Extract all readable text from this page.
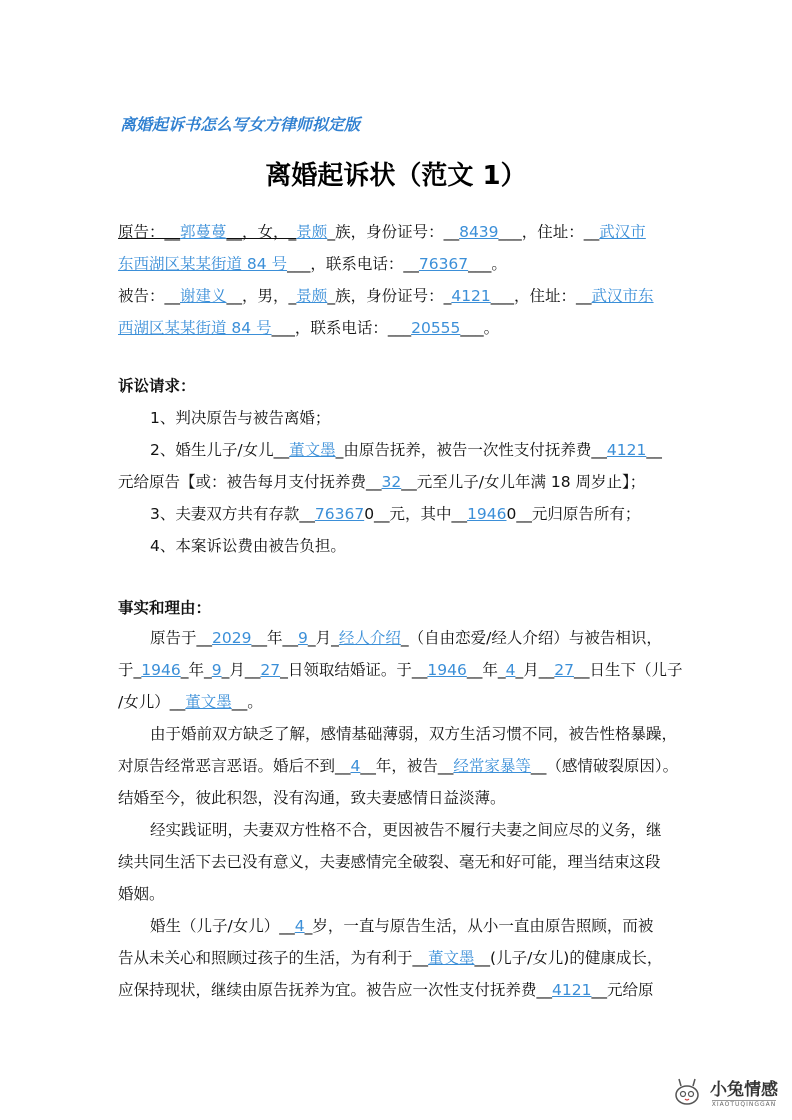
离婚起诉书怎么写女方律师拟定版
离婚起诉状（范文 1）
原告：__郭蔓蔓__，女，_景颇_族，身份证号：__8439___，住址：__武汉市
东西湖区某某街道 84 号___，联系电话：__76367___。
被告：__谢建义__，男，_景颇_族，身份证号：_4121___，住址：__武汉市东
西湖区某某街道 84 号___，联系电话：___20555___。
诉讼请求：
1、判决原告与被告离婚；
2、婚生儿子/女儿__董文墨_由原告抚养，被告一次性支付抚养费__4121__
元给原告【或：被告每月支付抚养费__32__元至儿子/女儿年满 18 周岁止】；
3、夫妻双方共有存款__763670__元，其中__19460__元归原告所有；
4、本案诉讼费由被告负担。
事实和理由：
原告于__2029__年__9_月_经人介绍_（自由恋爱/经人介绍）与被告相识，
于_1946_年_9_月__27_日领取结婚证。于__1946__年_4_月__27__日生下（儿子
/女儿）__董文墨__。
由于婚前双方缺乏了解，感情基础薄弱，双方生活习惯不同，被告性格暴躁，
对原告经常恶言恶语。婚后不到__4__年，被告__经常家暴等__（感情破裂原因）。
结婚至今，彼此积怨，没有沟通，致夫妻感情日益淡薄。
经实践证明，夫妻双方性格不合，更因被告不履行夫妻之间应尽的义务，继
续共同生活下去已没有意义，夫妻感情完全破裂、毫无和好可能，理当结束这段
婚姻。
婚生（儿子/女儿）__4_岁，一直与原告生活，从小一直由原告照顾，而被
告从未关心和照顾过孩子的生活，为有利于__董文墨__(儿子/女儿)的健康成长，
应保持现状，继续由原告抚养为宜。被告应一次性支付抚养费__4121__元给原
小兔情感
XIAOTUQINGGAN
